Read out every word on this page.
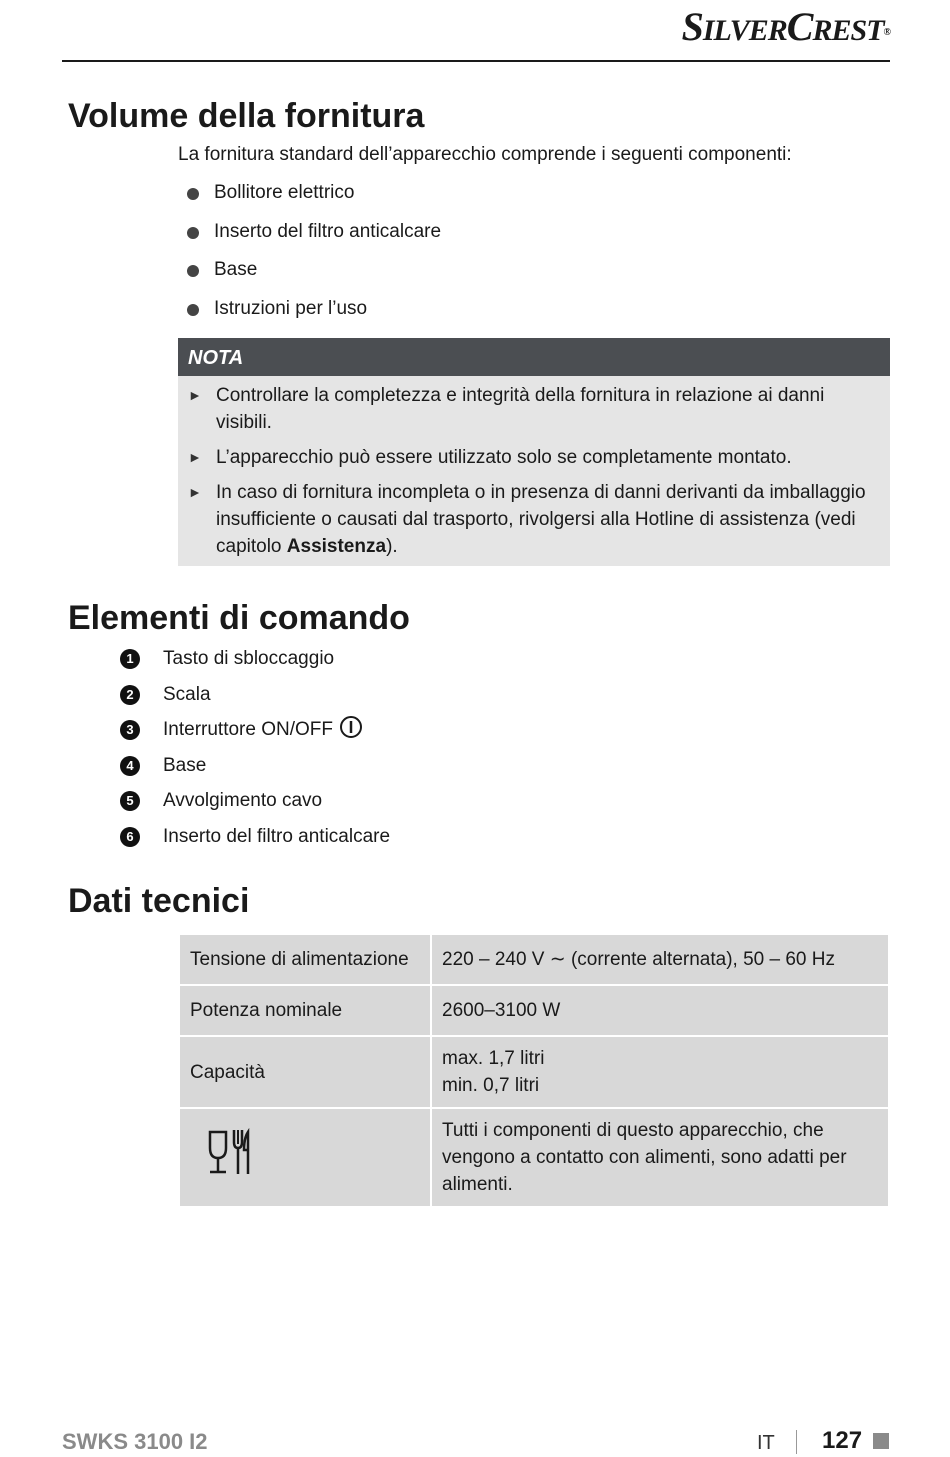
SILVERCREST®
Volume della fornitura
La fornitura standard dell’apparecchio comprende i seguenti componenti:
Bollitore elettrico
Inserto del filtro anticalcare
Base
Istruzioni per l’uso
NOTA
► Controllare la completezza e integrità della fornitura in relazione ai danni visibili.
► L’apparecchio può essere utilizzato solo se completamente montato.
► In caso di fornitura incompleta o in presenza di danni derivanti da imballaggio insufficiente o causati dal trasporto, rivolgersi alla Hotline di assistenza (vedi capitolo Assistenza).
Elementi di comando
1	Tasto di sbloccaggio
2	Scala
3	Interruttore ON/OFF
4	Base
5	Avvolgimento cavo
6	Inserto del filtro anticalcare
Dati tecnici
Tensione di alimentazione	220 – 240 V ∼ (corrente alternata), 50 – 60 Hz
Potenza nominale	2600–3100 W
Capacità	max. 1,7 litri
min. 0,7 litri

	Tutti i componenti di questo apparecchio, che vengono a contatto con alimenti, sono adatti per alimenti.
SWKS 3100 I2	IT 127
